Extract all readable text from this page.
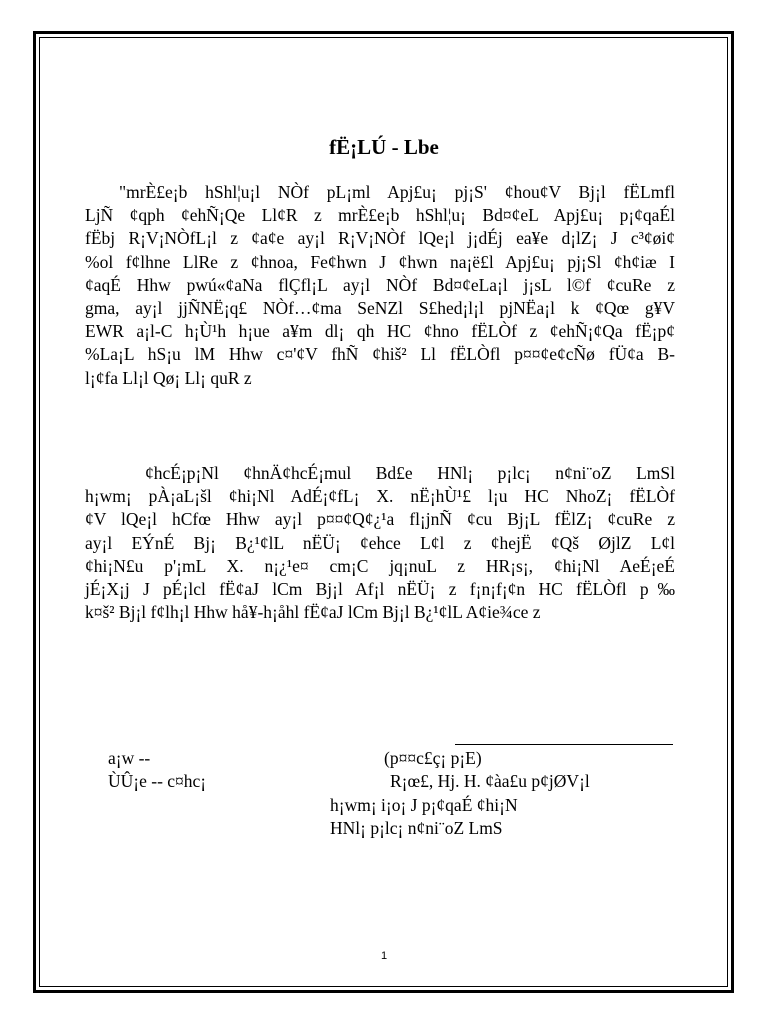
fË¡LÚ - Lbe
"mrÈ£e¡b hShl¦u¡l NÒf pL¡ml Apj£u¡ pj¡S' ¢hou¢V Bj¡l fËLmfl
LjÑ ¢qph ¢ehÑ¡Qe Ll¢R z mrÈ£e¡b hShl¦u¡ Bd¤¢eL Apj£u¡ p¡¢qaÉl
fËbj R¡V¡NÒfL¡l z ¢a¢e ay¡l R¡V¡NÒf lQe¡l j¡dÉj ea¥e d¡lZ¡ J c³¢øi¢
%ol f¢lhne LlRe z ¢hnoa, Fe¢hwn J ¢hwn na¡ë£l Apj£u¡ pj¡Sl ¢h¢iæ I
¢aqÉ Hhw pwú«¢aNa flÇfl¡L ay¡l NÒf Bd¤¢eLa¡l j¡sL l©f ¢cuRe z
gma, ay¡l jjÑNË¡q£ NÒf…¢ma SeNZl S£hed¡l¡l pjNËa¡l k ¢Qœ g¥V
EWR a¡l-C h¡Ù¹h h¡ue a¥m dl¡ qh HC ¢hno fËLÒf z ¢ehÑ¡¢Qa fË¡p¢
%La¡L hS¡u lM Hhw c¤'¢V fhÑ ¢hiš² Ll fËLÒfl p¤¤¢e¢cÑø fÜ¢a B-
l¡¢fa Ll¡l Qø¡ Ll¡ quR z
¢hcÉ¡p¡Nl ¢hnÄ¢hcÉ¡mul Bd£e HNl¡ p¡lc¡ n¢ni¨oZ LmSl
h¡wm¡ pÀ¡aL¡šl ¢hi¡Nl AdÉ¡¢fL¡ X. nË¡hÙ¹£ l¡u HC NhoZ¡ fËLÒf
¢V lQe¡l hCfœ Hhw ay¡l p¤¤¢Q¢¿¹a fl¡jnÑ ¢cu Bj¡L fËlZ¡ ¢cuRe z
ay¡l EÝnÉ Bj¡ B¿¹¢lL nËÜ¡ ¢ehce L¢l z ¢hejË ¢Qš ØjlZ L¢l
¢hi¡N£u p'¡mL X. n¡¿¹e¤ cm¡C jq¡nuL z HR¡s¡, ¢hi¡Nl AeÉ¡eÉ
jÉ¡X¡j J pÉ¡lcl fË¢aJ lCm Bj¡l Af¡l nËÜ¡ z f¡n¡f¡¢n HC fËLÒfl p‰
k¤š² Bj¡l f¢lh¡l Hhw hå¥-h¡åhl fË¢aJ lCm Bj¡l B¿¹¢lL A¢ie¾ce z
a¡w --
ÙÛ¡e -- c¤hc¡
(p¤¤c£ç¡ p¡E)
R¡œ£, Hj. H. ¢àa£u p¢jØV¡l
h¡wm¡ i¡o¡ J p¡¢qaÉ ¢hi¡N
HNl¡ p¡lc¡ n¢ni¨oZ LmS
1
